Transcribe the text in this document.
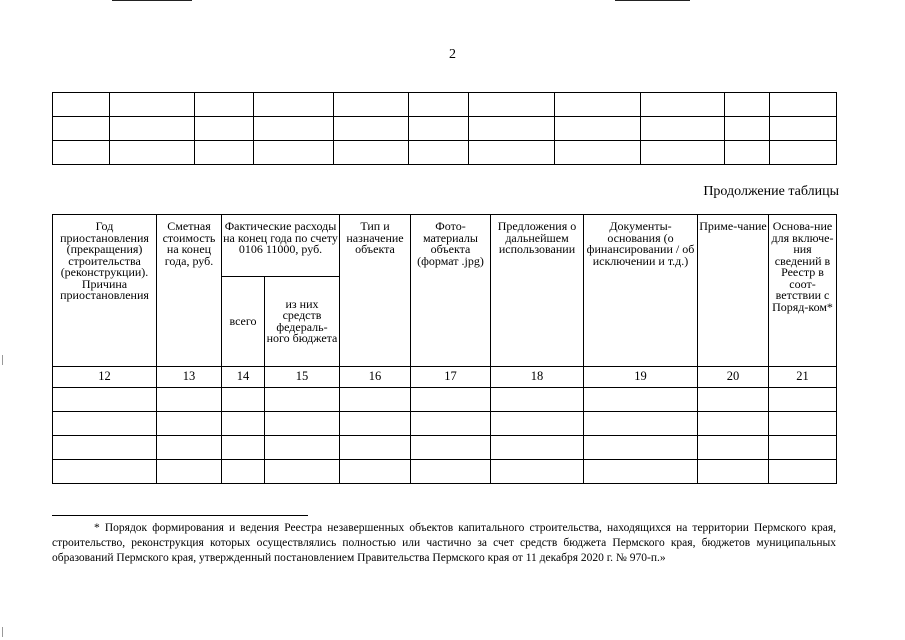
2

Продолжение таблицы
Год приостановления (прекращения) строительства (реконструкции). Причина приостановления	Сметная стоимость на конец года, руб.	Фактические расходы на конец года по счету 0106 11000, руб.		Тип и назначение объекта	Фото-материалы объекта (формат .jpg)	Предложения о дальнейшем использовании	Документы-основания (о финансировании / об исключении и т.д.)	Приме-чание	Основа-ние для включе-ния сведений в Реестр в соот-ветствии с Поряд-ком*
		всего	из них средств федераль-ного бюджета						
12	13	14	15	16	17	18	19	20	21

* Порядок формирования и ведения Реестра незавершенных объектов капитального строительства, находящихся на территории Пермского края, строительство, реконструкция которых осуществлялись полностью или частично за счет средств бюджета Пермского края, бюджетов муниципальных образований Пермского края, утвержденный постановлением Правительства Пермского края от 11 декабря 2020 г. № 970-п.»
